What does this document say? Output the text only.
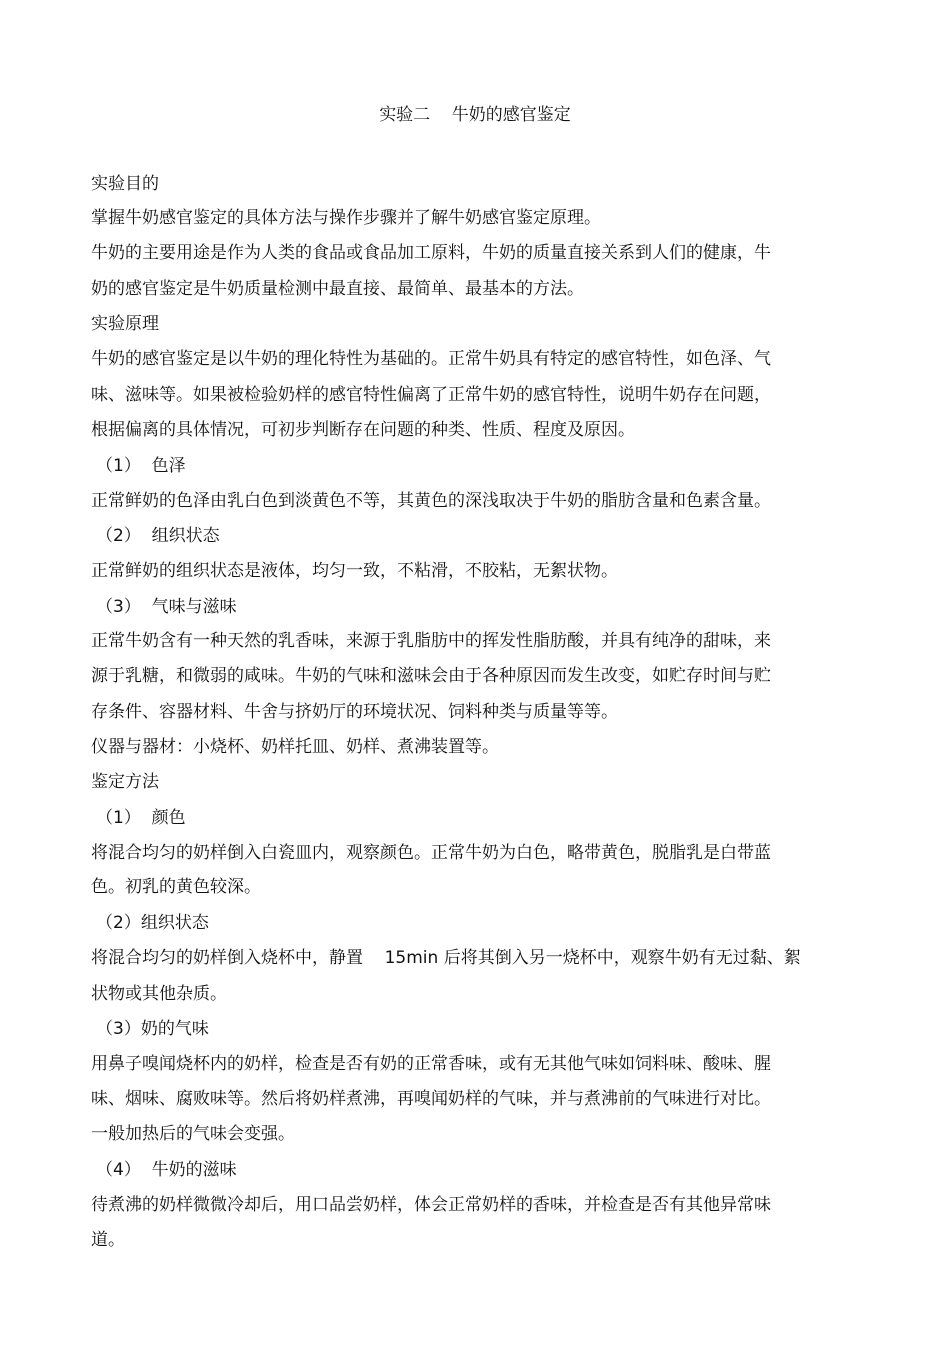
实验二    牛奶的感官鉴定
实验目的
掌握牛奶感官鉴定的具体方法与操作步骤并了解牛奶感官鉴定原理。
牛奶的主要用途是作为人类的食品或食品加工原料，牛奶的质量直接关系到人们的健康，牛
奶的感官鉴定是牛奶质量检测中最直接、最简单、最基本的方法。
实验原理
牛奶的感官鉴定是以牛奶的理化特性为基础的。正常牛奶具有特定的感官特性，如色泽、气
味、滋味等。如果被检验奶样的感官特性偏离了正常牛奶的感官特性，说明牛奶存在问题，
根据偏离的具体情况，可初步判断存在问题的种类、性质、程度及原因。
（1）  色泽
正常鲜奶的色泽由乳白色到淡黄色不等，其黄色的深浅取决于牛奶的脂肪含量和色素含量。
（2）  组织状态
正常鲜奶的组织状态是液体，均匀一致，不粘滑，不胶粘，无絮状物。
（3）  气味与滋味
正常牛奶含有一种天然的乳香味，来源于乳脂肪中的挥发性脂肪酸，并具有纯净的甜味，来
源于乳糖，和微弱的咸味。牛奶的气味和滋味会由于各种原因而发生改变，如贮存时间与贮
存条件、容器材料、牛舍与挤奶厅的环境状况、饲料种类与质量等等。
仪器与器材：小烧杯、奶样托皿、奶样、煮沸装置等。
鉴定方法
（1）  颜色
将混合均匀的奶样倒入白瓷皿内，观察颜色。正常牛奶为白色，略带黄色，脱脂乳是白带蓝
色。初乳的黄色较深。
（2）组织状态
将混合均匀的奶样倒入烧杯中，静置    15min 后将其倒入另一烧杯中，观察牛奶有无过黏、絮
状物或其他杂质。
（3）奶的气味
用鼻子嗅闻烧杯内的奶样，检查是否有奶的正常香味，或有无其他气味如饲料味、酸味、腥
味、烟味、腐败味等。然后将奶样煮沸，再嗅闻奶样的气味，并与煮沸前的气味进行对比。
一般加热后的气味会变强。
（4）  牛奶的滋味
待煮沸的奶样微微冷却后，用口品尝奶样，体会正常奶样的香味，并检查是否有其他异常味
道。
